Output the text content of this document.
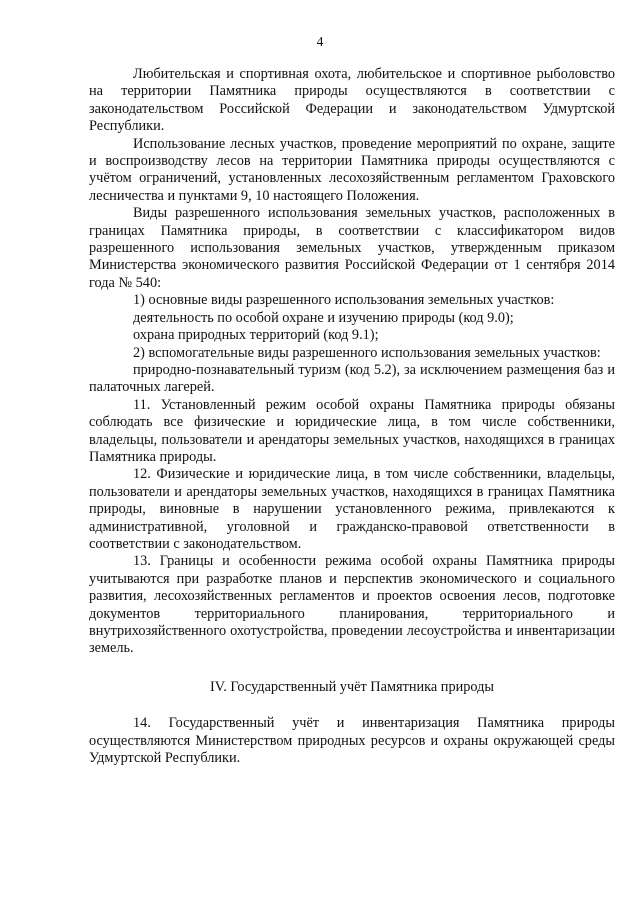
4

Любительская и спортивная охота, любительское и спортивное рыболовство на территории Памятника природы осуществляются в соответствии с законодательством Российской Федерации и законодательством Удмуртской Республики.

Использование лесных участков, проведение мероприятий по охране, защите и воспроизводству лесов на территории Памятника природы осуществляются с учётом ограничений, установленных лесохозяйственным регламентом Граховского лесничества и пунктами 9, 10 настоящего Положения.

Виды разрешенного использования земельных участков, расположенных в границах Памятника природы, в соответствии с классификатором видов разрешенного использования земельных участков, утвержденным приказом Министерства экономического развития Российской Федерации от 1 сентября 2014 года № 540:

1) основные виды разрешенного использования земельных участков:

деятельность по особой охране и изучению природы (код 9.0);

охрана природных территорий (код 9.1);

2) вспомогательные виды разрешенного использования земельных участков:

природно-познавательный туризм (код 5.2), за исключением размещения баз и палаточных лагерей.

11. Установленный режим особой охраны Памятника природы обязаны соблюдать все физические и юридические лица, в том числе собственники, владельцы, пользователи и арендаторы земельных участков, находящихся в границах Памятника природы.

12. Физические и юридические лица, в том числе собственники, владельцы, пользователи и арендаторы земельных участков, находящихся в границах Памятника природы, виновные в нарушении установленного режима, привлекаются к административной, уголовной и гражданско-правовой ответственности в соответствии с законодательством.

13. Границы и особенности режима особой охраны Памятника природы учитываются при разработке планов и перспектив экономического и социального развития, лесохозяйственных регламентов и проектов освоения лесов, подготовке документов территориального планирования, территориального и внутрихозяйственного охотустройства, проведении лесоустройства и инвентаризации земель.

IV. Государственный учёт Памятника природы

14. Государственный учёт и инвентаризация Памятника природы осуществляются Министерством природных ресурсов и охраны окружающей среды Удмуртской Республики.
